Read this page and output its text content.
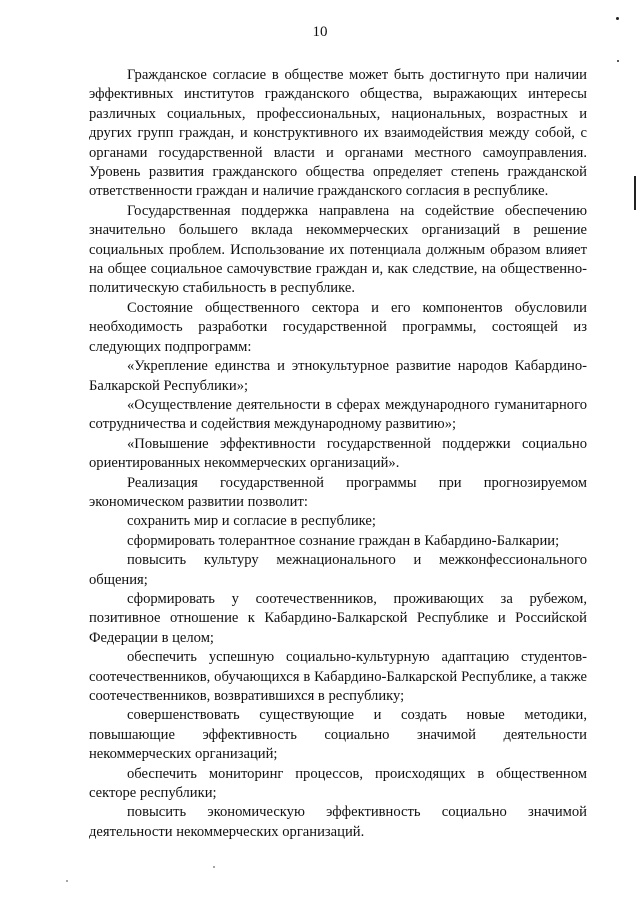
10

Гражданское согласие в обществе может быть достигнуто при наличии эффективных институтов гражданского общества, выражающих интересы различных социальных, профессиональных, национальных, возрастных и других групп граждан, и конструктивного их взаимодействия между собой, с органами государственной власти и органами местного самоуправления. Уровень развития гражданского общества определяет степень гражданской ответственности граждан и наличие гражданского согласия в республике.

Государственная поддержка направлена на содействие обеспечению значительно большего вклада некоммерческих организаций в решение социальных проблем. Использование их потенциала должным образом влияет на общее социальное самочувствие граждан и, как следствие, на общественно-политическую стабильность в республике.

Состояние общественного сектора и его компонентов обусловили необходимость разработки государственной программы, состоящей из следующих подпрограмм:

«Укрепление единства и этнокультурное развитие народов Кабардино-Балкарской Республики»;

«Осуществление деятельности в сферах международного гуманитарного сотрудничества и содействия международному развитию»;

«Повышение эффективности государственной поддержки социально ориентированных некоммерческих организаций».

Реализация государственной программы при прогнозируемом экономическом развитии позволит:

сохранить мир и согласие в республике;

сформировать толерантное сознание граждан в Кабардино-Балкарии;

повысить культуру межнационального и межконфессионального общения;

сформировать у соотечественников, проживающих за рубежом, позитивное отношение к Кабардино-Балкарской Республике и Российской Федерации в целом;

обеспечить успешную социально-культурную адаптацию студентов-соотечественников, обучающихся в Кабардино-Балкарской Республике, а также соотечественников, возвратившихся в республику;

совершенствовать существующие и создать новые методики, повышающие эффективность социально значимой деятельности некоммерческих организаций;

обеспечить мониторинг процессов, происходящих в общественном секторе республики;

повысить экономическую эффективность социально значимой деятельности некоммерческих организаций.
